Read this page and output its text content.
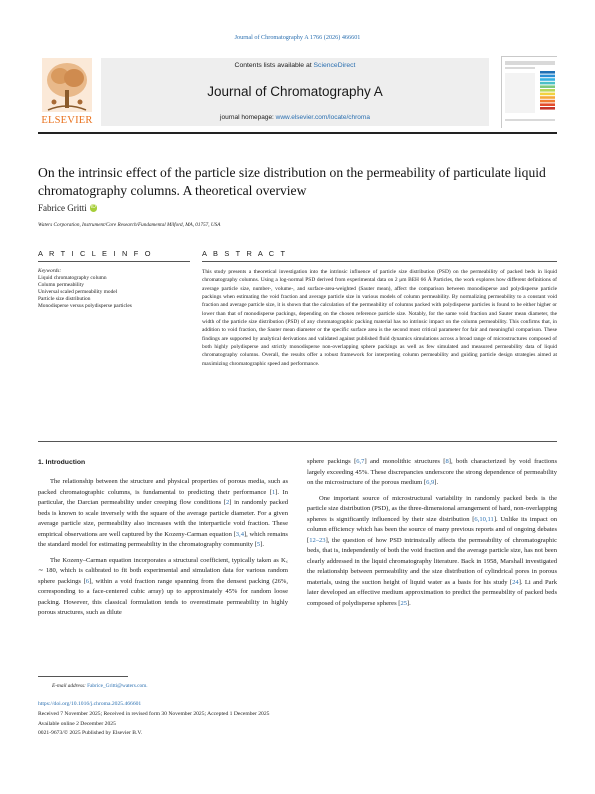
Journal of Chromatography A 1766 (2026) 466601
ELSEVIER
Contents lists available at ScienceDirect
Journal of Chromatography A
journal homepage: www.elsevier.com/locate/chroma
On the intrinsic effect of the particle size distribution on the permeability of particulate liquid chromatography columns. A theoretical overview
Fabrice Gritti iD
Waters Corporation, Instrument/Core Research/Fundamental Milford, MA, 01757, USA
A R T I C L E I N F O	A B S T R A C T
Keywords:
Liquid chromatography column
Column permeability
Universal scaled permeability model
Particle size distribution
Monodisperse versus polydisperse particles
This study presents a theoretical investigation into the intrinsic influence of particle size distribution (PSD) on the permeability of packed beds in liquid chromatography columns. Using a log-normal PSD derived from experimental data on 2 μm BEH 66 Å Particles, the work explores how different definitions of average particle size, number-, volume-, and surface-area-weighted (Sauter mean), affect the comparison between monodisperse and polydisperse particle packings when estimating the void fraction and average particle size in various models of column permeability. By normalizing permeability to a constant void fraction and average particle size, it is shown that the calculation of the permeability of columns packed with polydisperse particles is found to be either higher or lower than that of monodisperse packings, depending on the chosen reference particle size. Notably, for the same void fraction and Sauter mean diameter, the width of the particle size distribution (PSD) of any chromatographic packing material has no intrinsic impact on the column permeability. This confirms that, in addition to void fraction, the Sauter mean diameter or the specific surface area is the second most critical parameter for fair and meaningful comparison. These findings are supported by analytical derivations and validated against published fluid dynamics simulations across a broad range of microstructures composed of both highly polydisperse and strictly monodisperse non-overlapping sphere packings as well as few simulated and measured permeability data of liquid chromatography columns. Overall, the results offer a robust framework for interpreting column permeability and guiding particle design strategies aimed at maximizing chromatographic speed and performance.
1. Introduction

The relationship between the structure and physical properties of porous media, such as packed chromatographic columns, is fundamental to predicting their performance [1]. In particular, the Darcian permeability under creeping flow conditions [2] in randomly packed beds is known to scale inversely with the square of the average particle diameter. For a given average particle size, permeability also increases with the interparticle void fraction. These empirical observations are well captured by the Kozeny-Carman equation [3,4], which remains the standard model for estimating permeability in the chromatography community [5].

The Kozeny–Carman equation incorporates a structural coefficient, typically taken as K꜀ ∼ 180, which is calibrated to fit both experimental and simulation data for various random sphere packings [6], within a void fraction range spanning from the densest packing (26%, corresponding to a face-centered cubic array) up to approximately 45% for random loose packing. However, this classical formulation tends to overestimate permeability in highly porous structures, such as dilute

sphere packings [6,7] and monolithic structures [8], both characterized by void fractions largely exceeding 45%. These discrepancies underscore the strong dependence of permeability on the microstructure of the porous medium [6,9].

One important source of microstructural variability in randomly packed beds is the particle size distribution (PSD), as the three-dimensional arrangement of hard, non-overlapping spheres is significantly influenced by their size distribution [6,10,11]. Unlike its impact on column efficiency which has been the source of many previous reports and of ongoing debates [12–23], the question of how PSD intrinsically affects the permeability of chromatographic beds, that is, independently of both the void fraction and the average particle size, has not been clearly addressed in the liquid chromatography literature. Back in 1958, Marshall investigated the relationship between permeability and the size distribution of cylindrical pores in porous materials, using the suction height of liquid water as a basis for his study [24]. Li and Park later developed an effective medium approximation to predict the permeability of packed beds composed of polydisperse spheres [25].

E-mail address: Fabrice_Gritti@waters.com.
https://doi.org/10.1016/j.chroma.2025.466601
Received 7 November 2025; Received in revised form 30 November 2025; Accepted 1 December 2025
Available online 2 December 2025
0021-9673/© 2025 Published by Elsevier B.V.
